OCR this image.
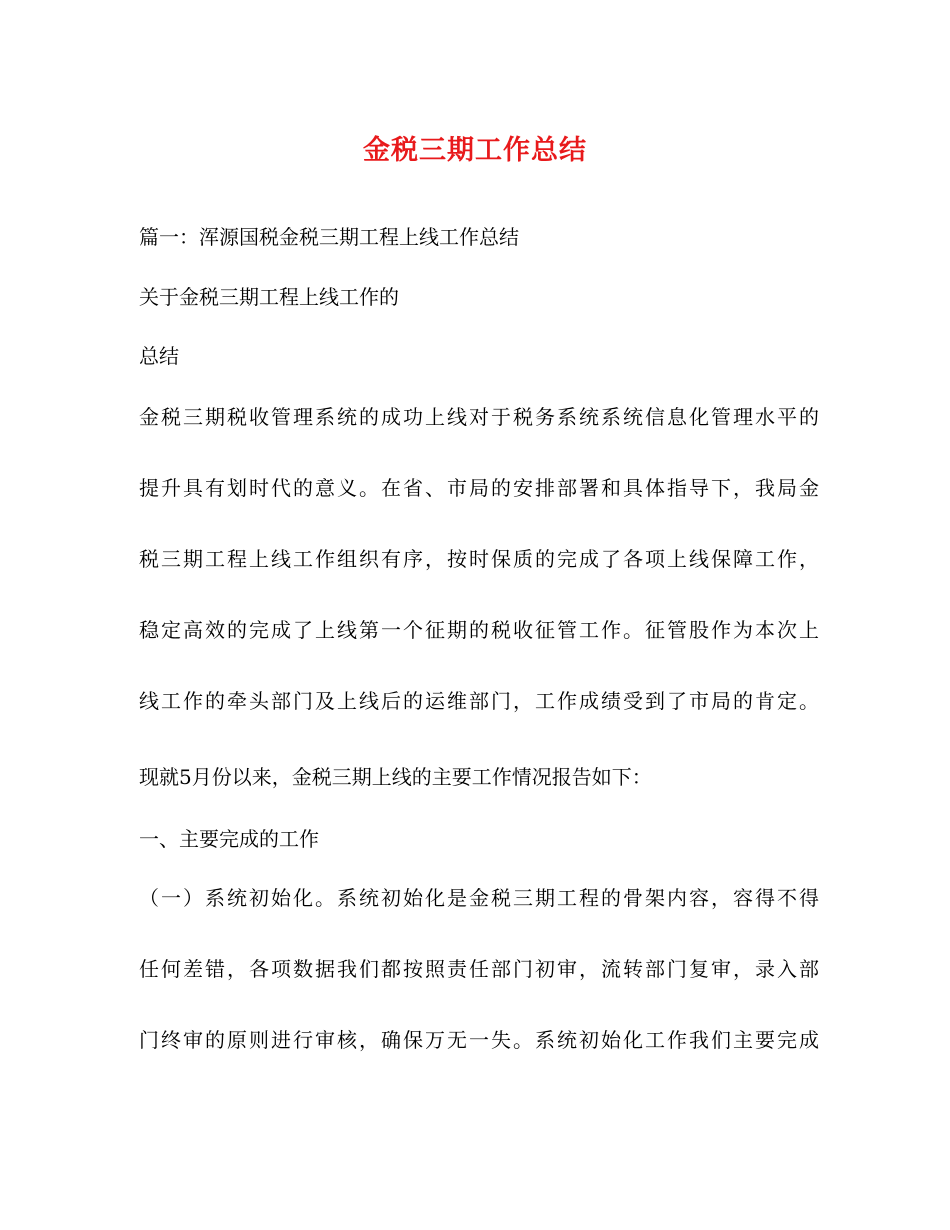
金税三期工作总结
篇一：浑源国税金税三期工程上线工作总结
关于金税三期工程上线工作的
总结
金税三期税收管理系统的成功上线对于税务系统系统信息化管理水平的
提升具有划时代的意义。在省、市局的安排部署和具体指导下，我局金
税三期工程上线工作组织有序，按时保质的完成了各项上线保障工作，
稳定高效的完成了上线第一个征期的税收征管工作。征管股作为本次上
线工作的牵头部门及上线后的运维部门，工作成绩受到了市局的肯定。
现就5月份以来，金税三期上线的主要工作情况报告如下：
一、主要完成的工作
（一）系统初始化。系统初始化是金税三期工程的骨架内容，容得不得
任何差错，各项数据我们都按照责任部门初审，流转部门复审，录入部
门终审的原则进行审核，确保万无一失。系统初始化工作我们主要完成
